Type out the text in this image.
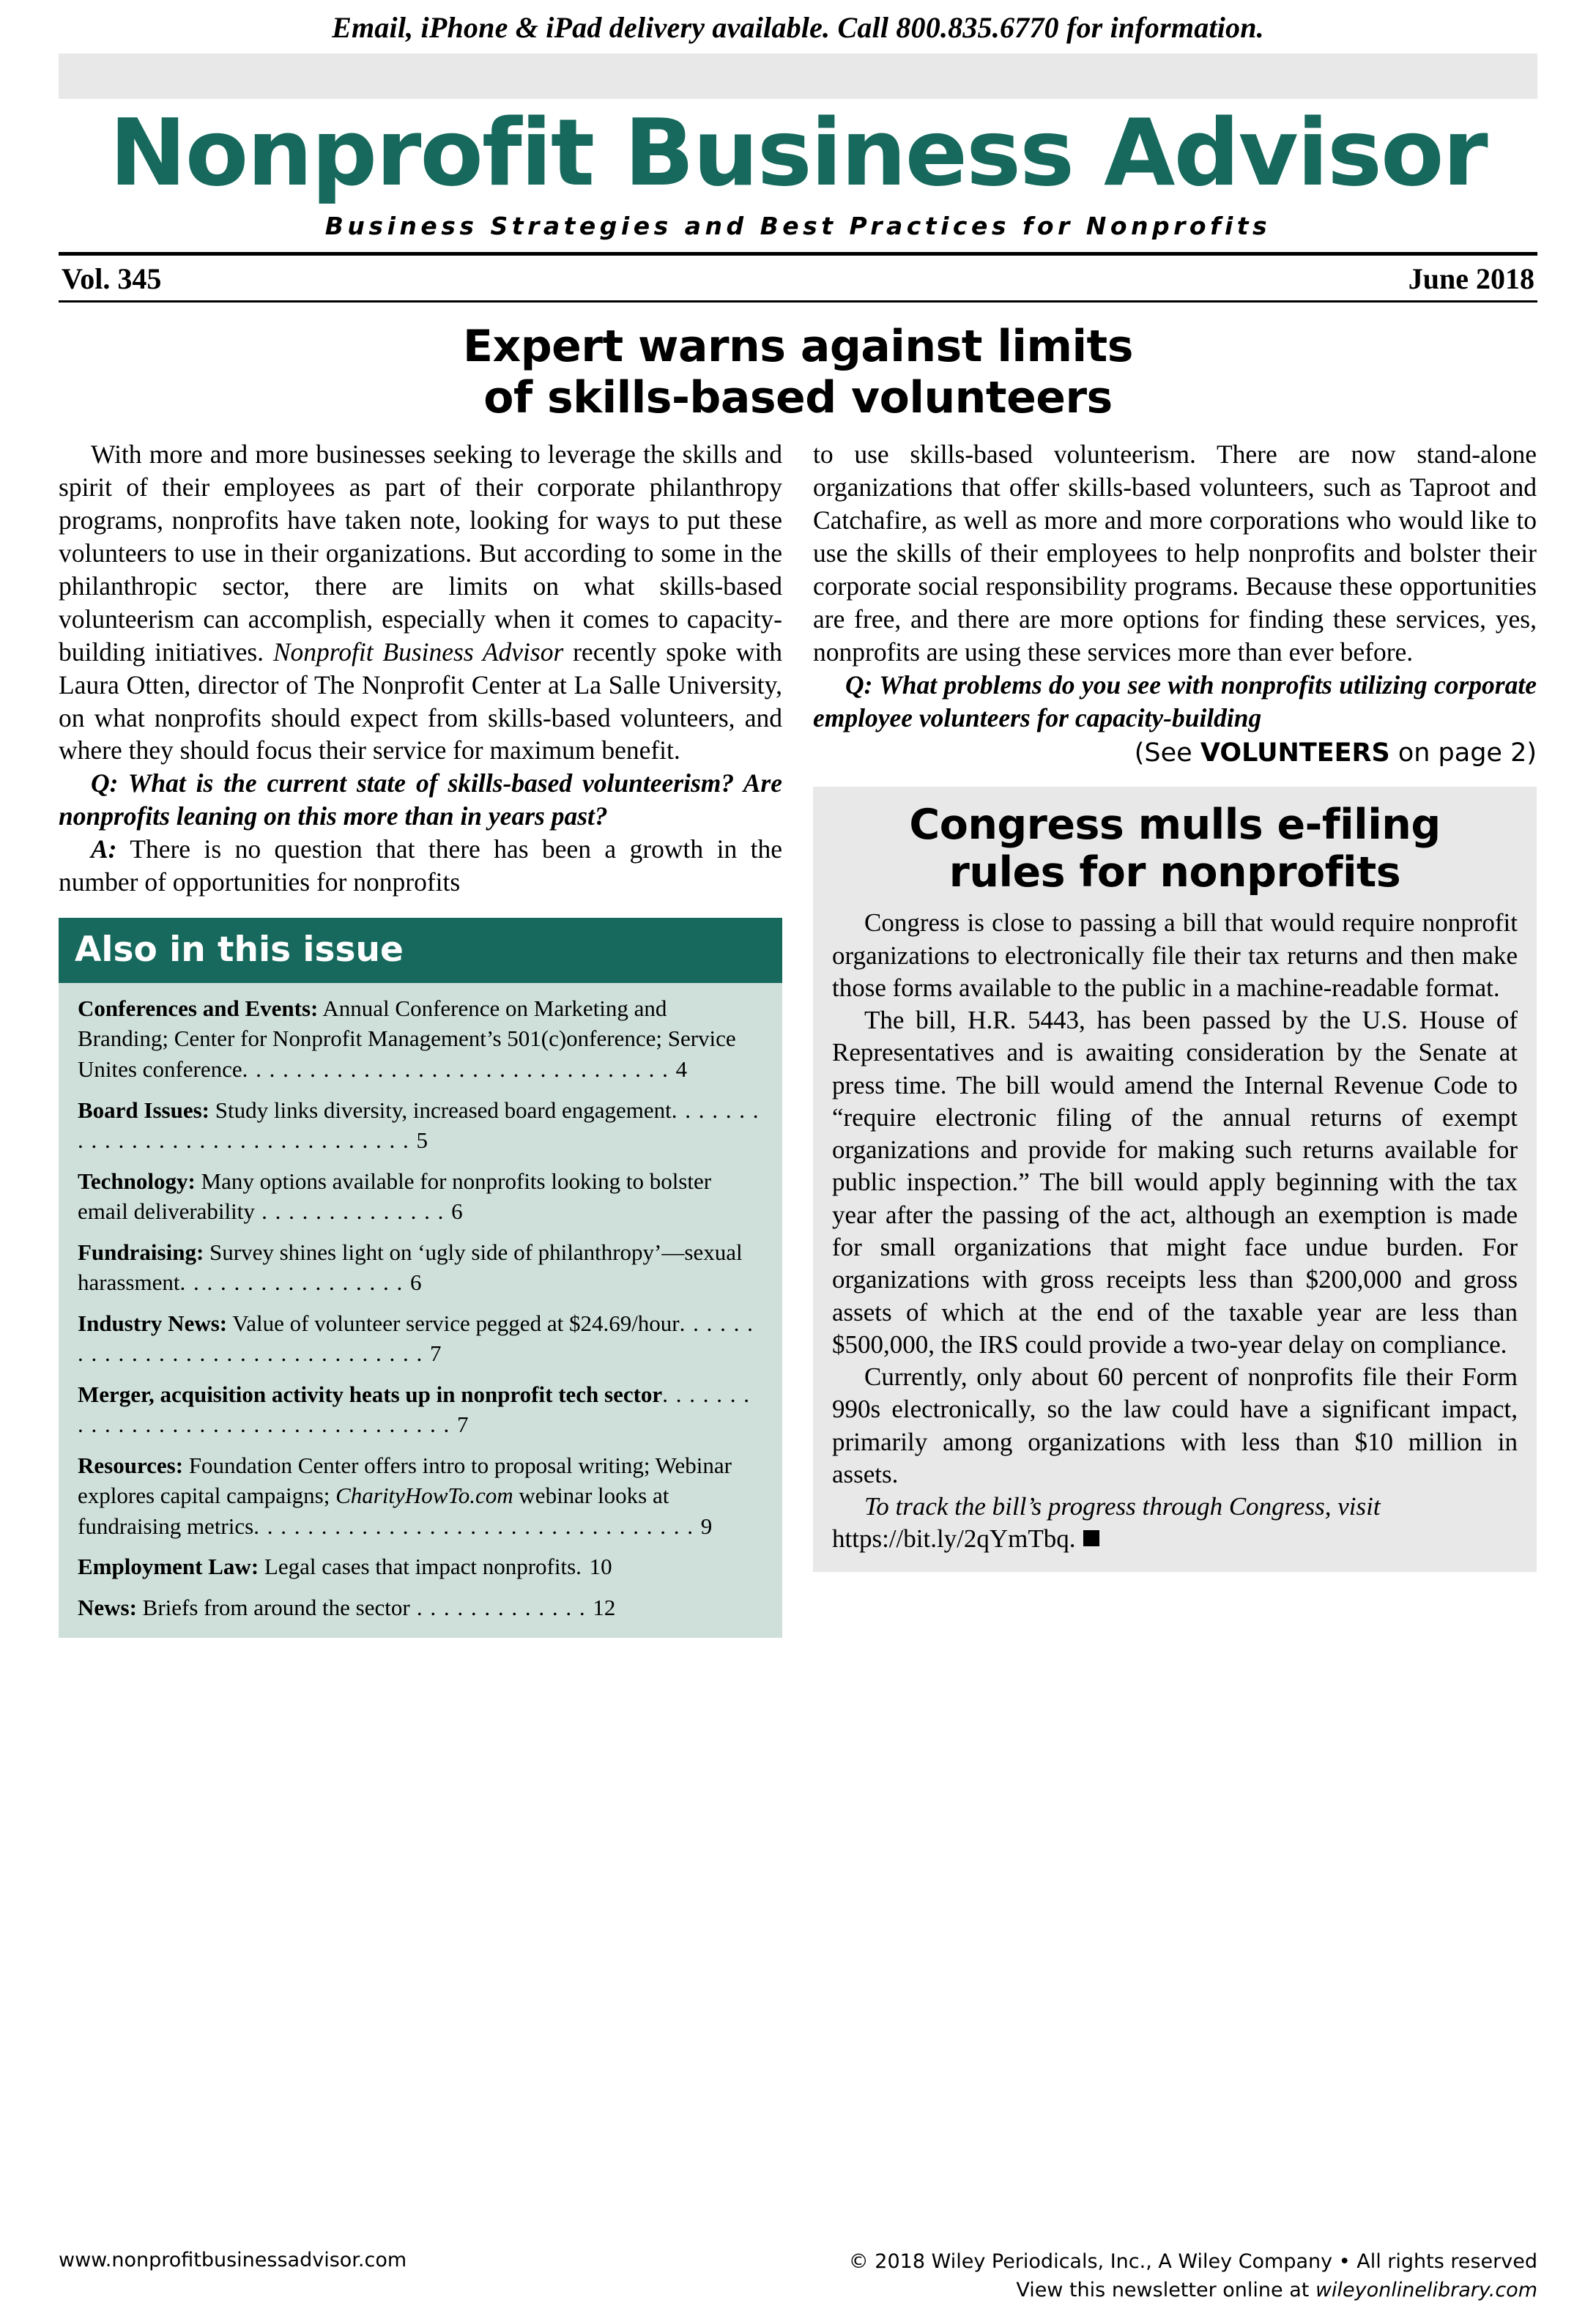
Email, iPhone & iPad delivery available. Call 800.835.6770 for information.
Nonprofit Business Advisor
Business Strategies and Best Practices for Nonprofits
Vol. 345	June 2018
Expert warns against limits
of skills-based volunteers

With more and more businesses seeking to leverage the skills and spirit of their employees as part of their corporate philanthropy programs, nonprofits have taken note, looking for ways to put these volunteers to use in their organizations. But according to some in the philanthropic sector, there are limits on what skills-based volunteerism can accomplish, especially when it comes to capacity-building initiatives. Nonprofit Business Advisor recently spoke with Laura Otten, director of The Nonprofit Center at La Salle University, on what nonprofits should expect from skills-based volunteers, and where they should focus their service for maximum benefit.

Q: What is the current state of skills-based volunteerism? Are nonprofits leaning on this more than in years past?

A: There is no question that there has been a growth in the number of opportunities for nonprofits

Also in this issue
Conferences and Events: Annual Conference on Marketing and Branding; Center for Nonprofit Management’s 501(c)onference; Service Unites conference. . . . . . . . . . . . . . . . . . . . . . . . . . . . . . . . 4
Board Issues: Study links diversity, increased board engagement. . . . . . . . . . . . . . . . . . . . . . . . . . . . . . . . 5
Technology: Many options available for nonprofits looking to bolster email deliverability . . . . . . . . . . . . . . 6
Fundraising: Survey shines light on ‘ugly side of philanthropy’—sexual harassment. . . . . . . . . . . . . . . . . 6
Industry News: Value of volunteer service pegged at $24.69/hour. . . . . . . . . . . . . . . . . . . . . . . . . . . . . . . . 7
Merger, acquisition activity heats up in nonprofit tech sector. . . . . . . . . . . . . . . . . . . . . . . . . . . . . . . . . . . 7
Resources: Foundation Center offers intro to proposal writing; Webinar explores capital campaigns; CharityHowTo.com webinar looks at fundraising metrics. . . . . . . . . . . . . . . . . . . . . . . . . . . . . . . . . 9
Employment Law: Legal cases that impact nonprofits. 10
News: Briefs from around the sector . . . . . . . . . . . . . 12

to use skills-based volunteerism. There are now stand-alone organizations that offer skills-based volunteers, such as Taproot and Catchafire, as well as more and more corporations who would like to use the skills of their employees to help nonprofits and bolster their corporate social responsibility programs. Because these opportunities are free, and there are more options for finding these services, yes, nonprofits are using these services more than ever before.

Q: What problems do you see with nonprofits utilizing corporate employee volunteers for capacity-building

(See VOLUNTEERS on page 2)
Congress mulls e-filing
rules for nonprofits

Congress is close to passing a bill that would require nonprofit organizations to electronically file their tax returns and then make those forms available to the public in a machine-readable format.

The bill, H.R. 5443, has been passed by the U.S. House of Representatives and is awaiting consideration by the Senate at press time. The bill would amend the Internal Revenue Code to “require electronic filing of the annual returns of exempt organizations and provide for making such returns available for public inspection.” The bill would apply beginning with the tax year after the passing of the act, although an exemption is made for small organizations that might face undue burden. For organizations with gross receipts less than $200,000 and gross assets of which at the end of the taxable year are less than $500,000, the IRS could provide a two-year delay on compliance.

Currently, only about 60 percent of nonprofits file their Form 990s electronically, so the law could have a significant impact, primarily among organizations with less than $10 million in assets.

To track the bill’s progress through Congress, visit
https://bit.ly/2qYmTbq.

www.nonprofitbusinessadvisor.com	© 2018 Wiley Periodicals, Inc., A Wiley Company • All rights reserved
View this newsletter online at wileyonlinelibrary.com
